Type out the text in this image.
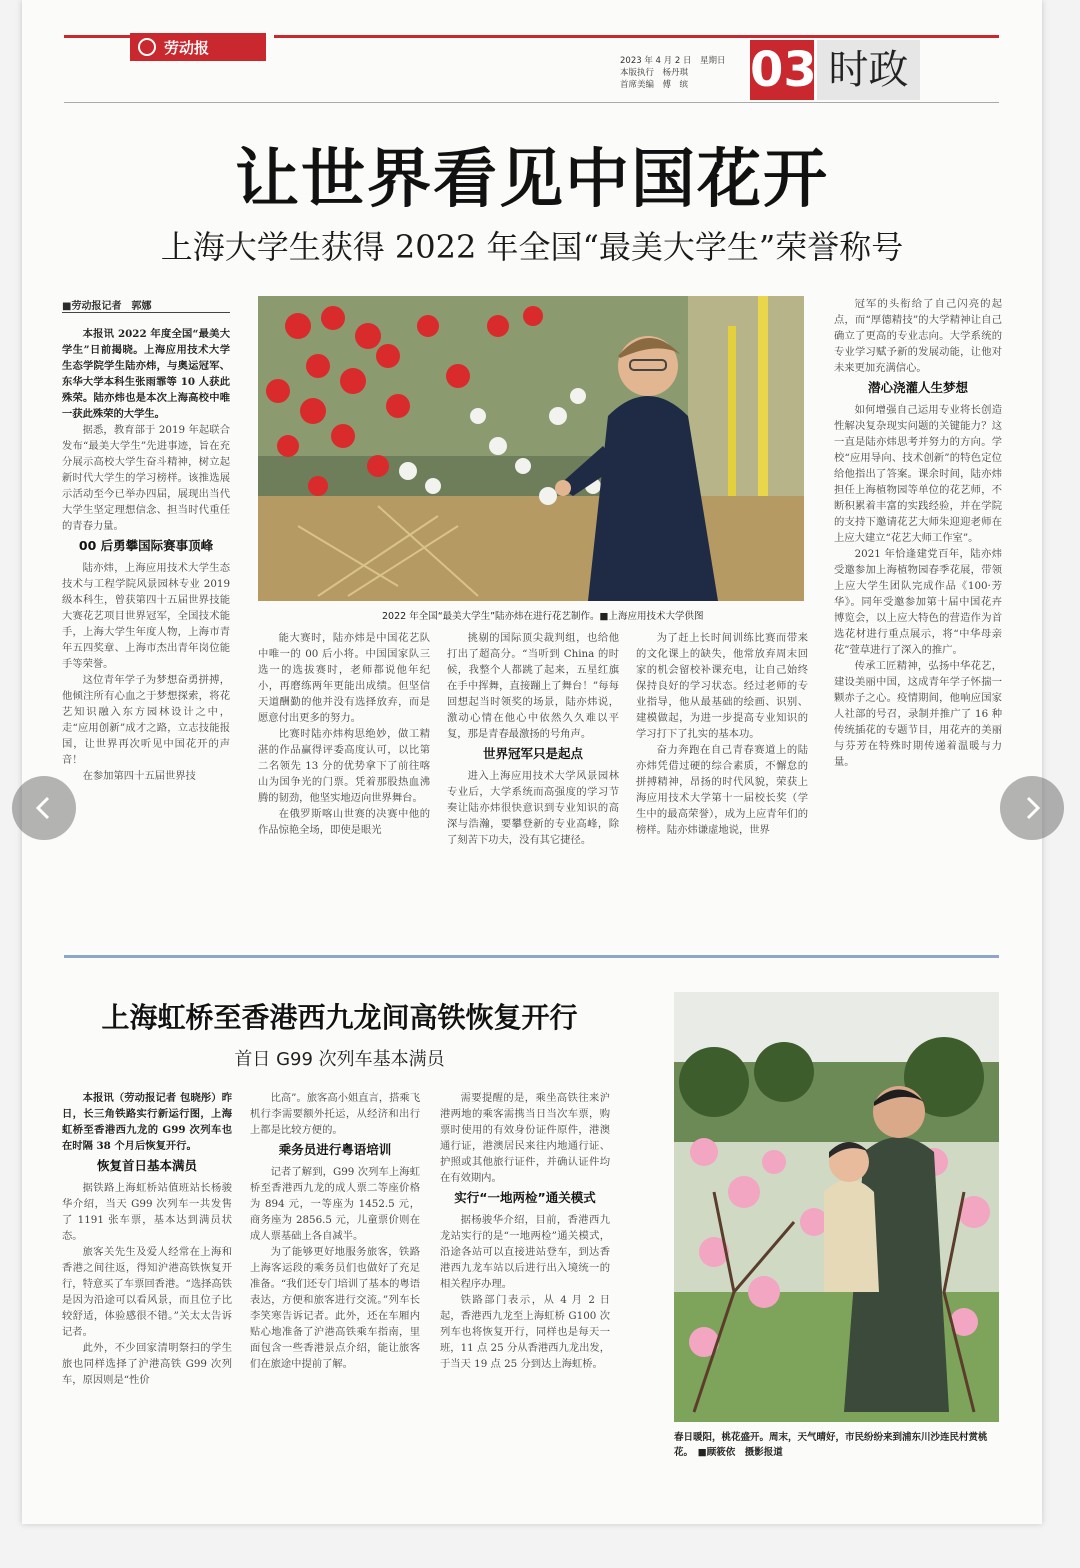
劳动报
2023 年 4 月 2 日　星期日
本版执行　杨丹琪
首席美编　傅　缤	03 时政
让世界看见中国花开
上海大学生获得 2022 年全国“最美大学生”荣誉称号
■劳动报记者　郭娜

本报讯 2022 年度全国“最美大学生”日前揭晓。上海应用技术大学生态学院学生陆亦炜，与奥运冠军、东华大学本科生张雨霏等 10 人获此殊荣。陆亦炜也是本次上海高校中唯一获此殊荣的大学生。

据悉，教育部于 2019 年起联合发布“最美大学生”先进事迹，旨在充分展示高校大学生奋斗精神，树立起新时代大学生的学习榜样。该推选展示活动至今已举办四届，展现出当代大学生坚定理想信念、担当时代重任的青春力量。

00 后勇攀国际赛事顶峰

陆亦炜，上海应用技术大学生态技术与工程学院风景园林专业 2019 级本科生，曾获第四十五届世界技能大赛花艺项目世界冠军，全国技术能手，上海大学生年度人物，上海市青年五四奖章、上海市杰出青年岗位能手等荣誉。

这位青年学子为梦想奋勇拼搏，他倾注所有心血之于梦想探索，将花艺知识融入东方园林设计之中，走“应用创新”成才之路，立志技能报国，让世界再次听见中国花开的声音！

在参加第四十五届世界技

2022 年全国“最美大学生”陆亦炜在进行花艺制作。■上海应用技术大学供图

能大赛时，陆亦炜是中国花艺队中唯一的 00 后小将。中国国家队三选一的选拔赛时，老师都说他年纪小，再磨练两年更能出成绩。但坚信天道酬勤的他并没有选择放弃，而是愿意付出更多的努力。

比赛时陆亦炜构思绝妙，做工精湛的作品赢得评委高度认可，以比第二名领先 13 分的优势拿下了前往喀山为国争光的门票。凭着那股热血沸腾的韧劲，他坚实地迈向世界舞台。

在俄罗斯喀山世赛的决赛中他的作品惊艳全场，即使是眼光

挑剔的国际顶尖裁判组，也给他打出了超高分。“当听到 China 的时候，我整个人都跳了起来，五星红旗在手中挥舞，直接蹦上了舞台！”每每回想起当时领奖的场景，陆亦炜说，激动心情在他心中依然久久难以平复，那是青春最激扬的号角声。

世界冠军只是起点

进入上海应用技术大学风景园林专业后，大学系统而高强度的学习节奏让陆亦炜很快意识到专业知识的高深与浩瀚，要攀登新的专业高峰，除了刻苦下功夫，没有其它捷径。

为了赶上长时间训练比赛而带来的文化课上的缺失，他常放弃周末回家的机会留校补课充电，让自己始终保持良好的学习状态。经过老师的专业指导，他从最基础的绘画、识别、建模做起，为进一步提高专业知识的学习打下了扎实的基本功。

奋力奔跑在自己青春赛道上的陆亦炜凭借过硬的综合素质，不懈怠的拼搏精神，昂扬的时代风貌，荣获上海应用技术大学第十一届校长奖（学生中的最高荣誉），成为上应青年们的榜样。陆亦炜谦虚地说，世界

冠军的头衔给了自己闪亮的起点，而“厚德精技”的大学精神让自己确立了更高的专业志向。大学系统的专业学习赋予新的发展动能，让他对未来更加充满信心。

潜心浇灌人生梦想

如何增强自己运用专业将长创造性解决复杂现实问题的关键能力？这一直是陆亦炜思考并努力的方向。学校“应用导向、技术创新”的特色定位给他指出了答案。课余时间，陆亦炜担任上海植物园等单位的花艺师，不断积累着丰富的实践经验，并在学院的支持下邀请花艺大师朱迎迎老师在上应大建立“花艺大师工作室”。

2021 年恰逢建党百年，陆亦炜受邀参加上海植物园春季花展，带领上应大学生团队完成作品《100·芳华》。同年受邀参加第十届中国花卉博览会，以上应大特色的营造作为首选花材进行重点展示，将“中华母亲花”萱草进行了深入的推广。

传承工匠精神，弘扬中华花艺，建设美丽中国，这成青年学子怀揣一颗赤子之心。疫情期间，他响应国家人社部的号召，录制并推广了 16 种传统插花的专题节目，用花卉的美丽与芬芳在特殊时期传递着温暖与力量。

上海虹桥至香港西九龙间高铁恢复开行
首日 G99 次列车基本满员

本报讯（劳动报记者 包晓彤）昨日，长三角铁路实行新运行图，上海虹桥至香港西九龙的 G99 次列车也在时隔 38 个月后恢复开行。

恢复首日基本满员

据铁路上海虹桥站值班站长杨骏华介绍，当天 G99 次列车一共发售了 1191 张车票，基本达到满员状态。

旅客关先生及爱人经常在上海和香港之间往返，得知沪港高铁恢复开行，特意买了车票回香港。“选择高铁是因为沿途可以看风景，而且位子比较舒适，体验感很不错。”关太太告诉记者。

此外，不少回家清明祭扫的学生旅也同样选择了沪港高铁 G99 次列车，原因则是“性价

比高”。旅客高小姐直言，搭乘飞机行李需要额外托运，从经济和出行上都是比较方便的。

乘务员进行粤语培训

记者了解到，G99 次列车上海虹桥至香港西九龙的成人票二等座价格为 894 元，一等座为 1452.5 元，商务座为 2856.5 元，儿童票价则在成人票基础上各自减半。

为了能够更好地服务旅客，铁路上海客运段的乘务员们也做好了充足准备。“我们还专门培训了基本的粤语表达，方便和旅客进行交流。”列车长李笑寒告诉记者。此外，还在车厢内贴心地准备了沪港高铁乘车指南，里面包含一些香港景点介绍，能让旅客们在旅途中提前了解。

需要提醒的是，乘坐高铁往来沪港两地的乘客需携当日当次车票，购票时使用的有效身份证件原件，港澳通行证，港澳居民来往内地通行证、护照或其他旅行证件，并确认证件均在有效期内。

实行“一地两检”通关模式

据杨骏华介绍，目前，香港西九龙站实行的是“一地两检”通关模式，沿途各站可以直接进站登车，到达香港西九龙车站以后进行出入境统一的相关程序办理。

铁路部门表示，从 4 月 2 日起，香港西九龙至上海虹桥 G100 次列车也将恢复开行，同样也是每天一班，11 点 25 分从香港西九龙出发，于当天 19 点 25 分到达上海虹桥。

春日暖阳，桃花盛开。周末，天气晴好，市民纷纷来到浦东川沙连民村赏桃花。　■顾筱依　摄影报道
